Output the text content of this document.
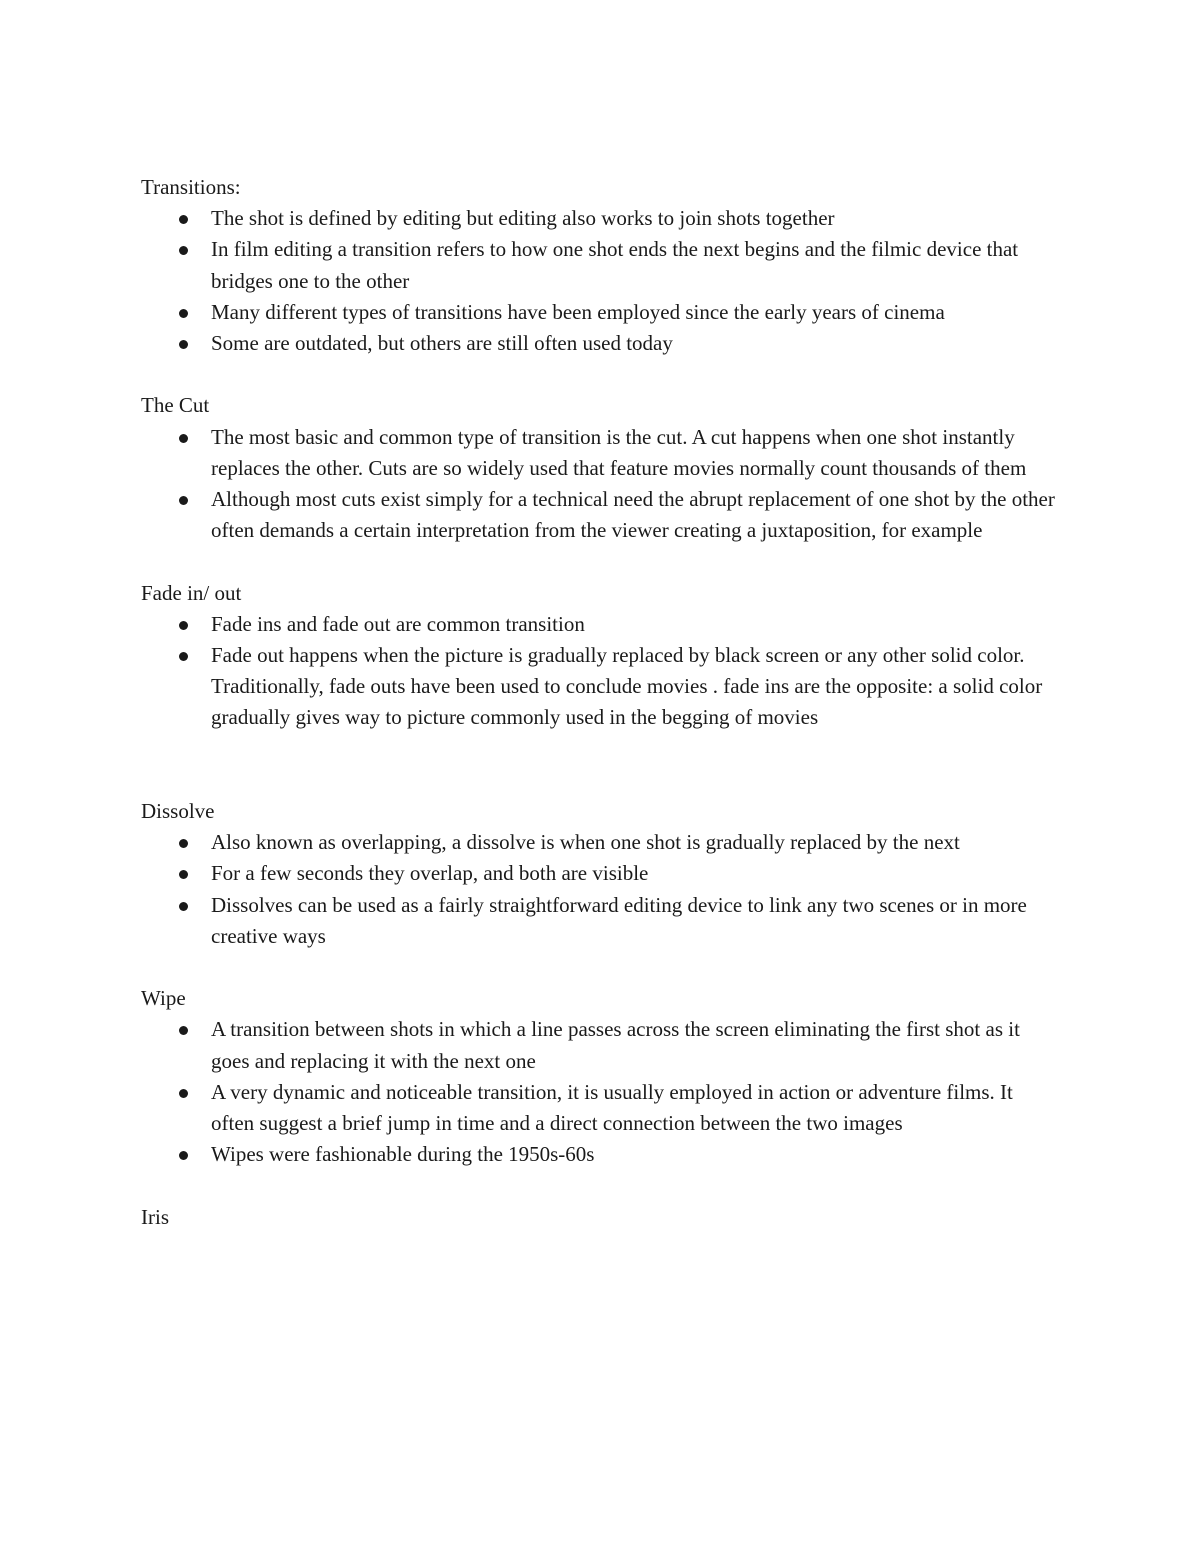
Transitions:

The shot is defined by editing but editing also works to join shots together
In film editing a transition refers to how one shot ends the next begins and the filmic device that bridges one to the other
Many different types of transitions have been employed since the early years of cinema
Some are outdated, but others are still often used today

The Cut

The most basic and common type of transition is the cut. A cut happens when one shot instantly replaces the other. Cuts are so widely used that feature movies normally count thousands of them
Although most cuts exist simply for a technical need the abrupt replacement of one shot by the other often demands a certain interpretation from the viewer creating a juxtaposition, for example

Fade in/ out

Fade ins and fade out are common transition
Fade out happens when the picture is gradually replaced by black screen or any other solid color. Traditionally, fade outs have been used to conclude movies . fade ins are the opposite: a solid color gradually gives way to picture commonly used in the begging of movies

Dissolve

Also known as overlapping, a dissolve is when one shot is gradually replaced by the next
For a few seconds they overlap, and both are visible
Dissolves can be used as a fairly straightforward editing device to link any two scenes or in more creative ways

Wipe

A transition between shots in which a line passes across the screen eliminating the first shot as it goes and replacing it with the next one
A very dynamic and noticeable transition, it is usually employed in action or adventure films. It often suggest a brief jump in time and a direct connection between the two images
Wipes were fashionable during the 1950s-60s

Iris
